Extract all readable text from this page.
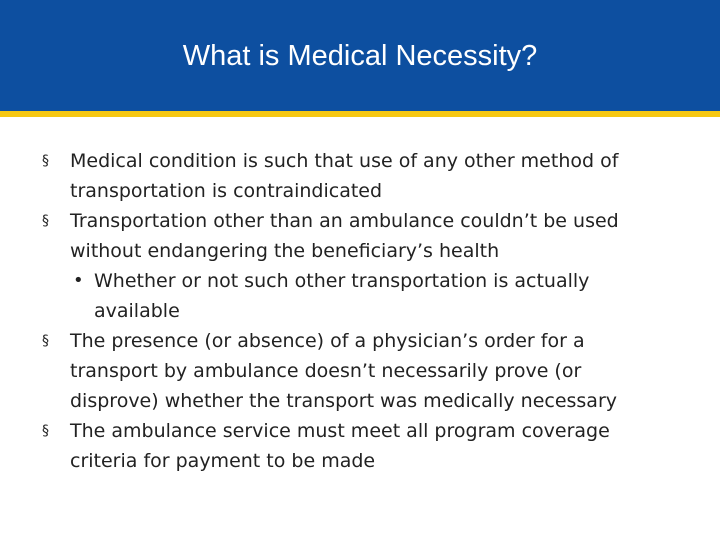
What is Medical Necessity?
§	Medical condition is such that use of any other method of transportation is contraindicated
§	Transportation other than an ambulance couldn’t be used without endangering the beneficiary’s health
• Whether or not such other transportation is actually available
§	The presence (or absence) of a physician’s order for a transport by ambulance doesn’t necessarily prove (or disprove) whether the transport was medically necessary
§	The ambulance service must meet all program coverage criteria for payment to be made
